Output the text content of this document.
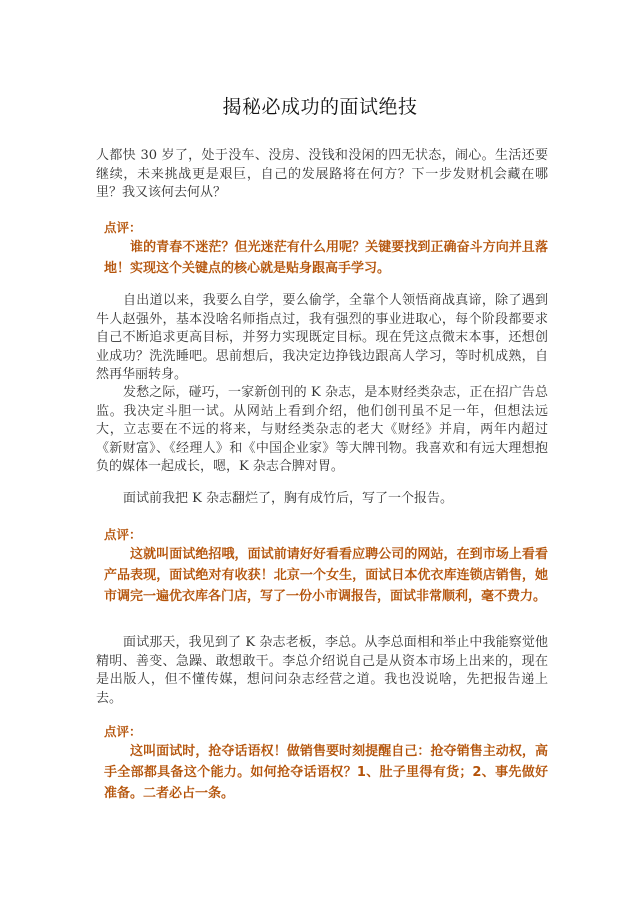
揭秘必成功的面试绝技

人都快 30 岁了，处于没车、没房、没钱和没闲的四无状态，闹心。生活还要继续，未来挑战更是艰巨，自己的发展路将在何方？下一步发财机会藏在哪里？我又该何去何从？

点评：

谁的青春不迷茫？但光迷茫有什么用呢？关键要找到正确奋斗方向并且落地！实现这个关键点的核心就是贴身跟高手学习。

自出道以来，我要么自学，要么偷学，全靠个人领悟商战真谛，除了遇到牛人赵强外，基本没啥名师指点过，我有强烈的事业进取心，每个阶段都要求自己不断追求更高目标，并努力实现既定目标。现在凭这点微末本事，还想创业成功？洗洗睡吧。思前想后，我决定边挣钱边跟高人学习，等时机成熟，自然再华丽转身。

发愁之际，碰巧，一家新创刊的 K 杂志，是本财经类杂志，正在招广告总监。我决定斗胆一试。从网站上看到介绍，他们创刊虽不足一年，但想法远大，立志要在不远的将来，与财经类杂志的老大《财经》并肩，两年内超过《新财富》、《经理人》和《中国企业家》等大牌刊物。我喜欢和有远大理想抱负的媒体一起成长，嗯，K 杂志合脾对胃。

面试前我把 K 杂志翻烂了，胸有成竹后，写了一个报告。

点评：

这就叫面试绝招哦，面试前请好好看看应聘公司的网站，在到市场上看看产品表现，面试绝对有收获！北京一个女生，面试日本优衣库连锁店销售，她市调完一遍优衣库各门店，写了一份小市调报告，面试非常顺利，毫不费力。

面试那天，我见到了 K 杂志老板，李总。从李总面相和举止中我能察觉他精明、善变、急躁、敢想敢干。李总介绍说自己是从资本市场上出来的，现在是出版人，但不懂传媒，想问问杂志经营之道。我也没说啥，先把报告递上去。

点评：

这叫面试时，抢夺话语权！做销售要时刻提醒自己：抢夺销售主动权，高手全部都具备这个能力。如何抢夺话语权？1、肚子里得有货；2、事先做好准备。二者必占一条。
